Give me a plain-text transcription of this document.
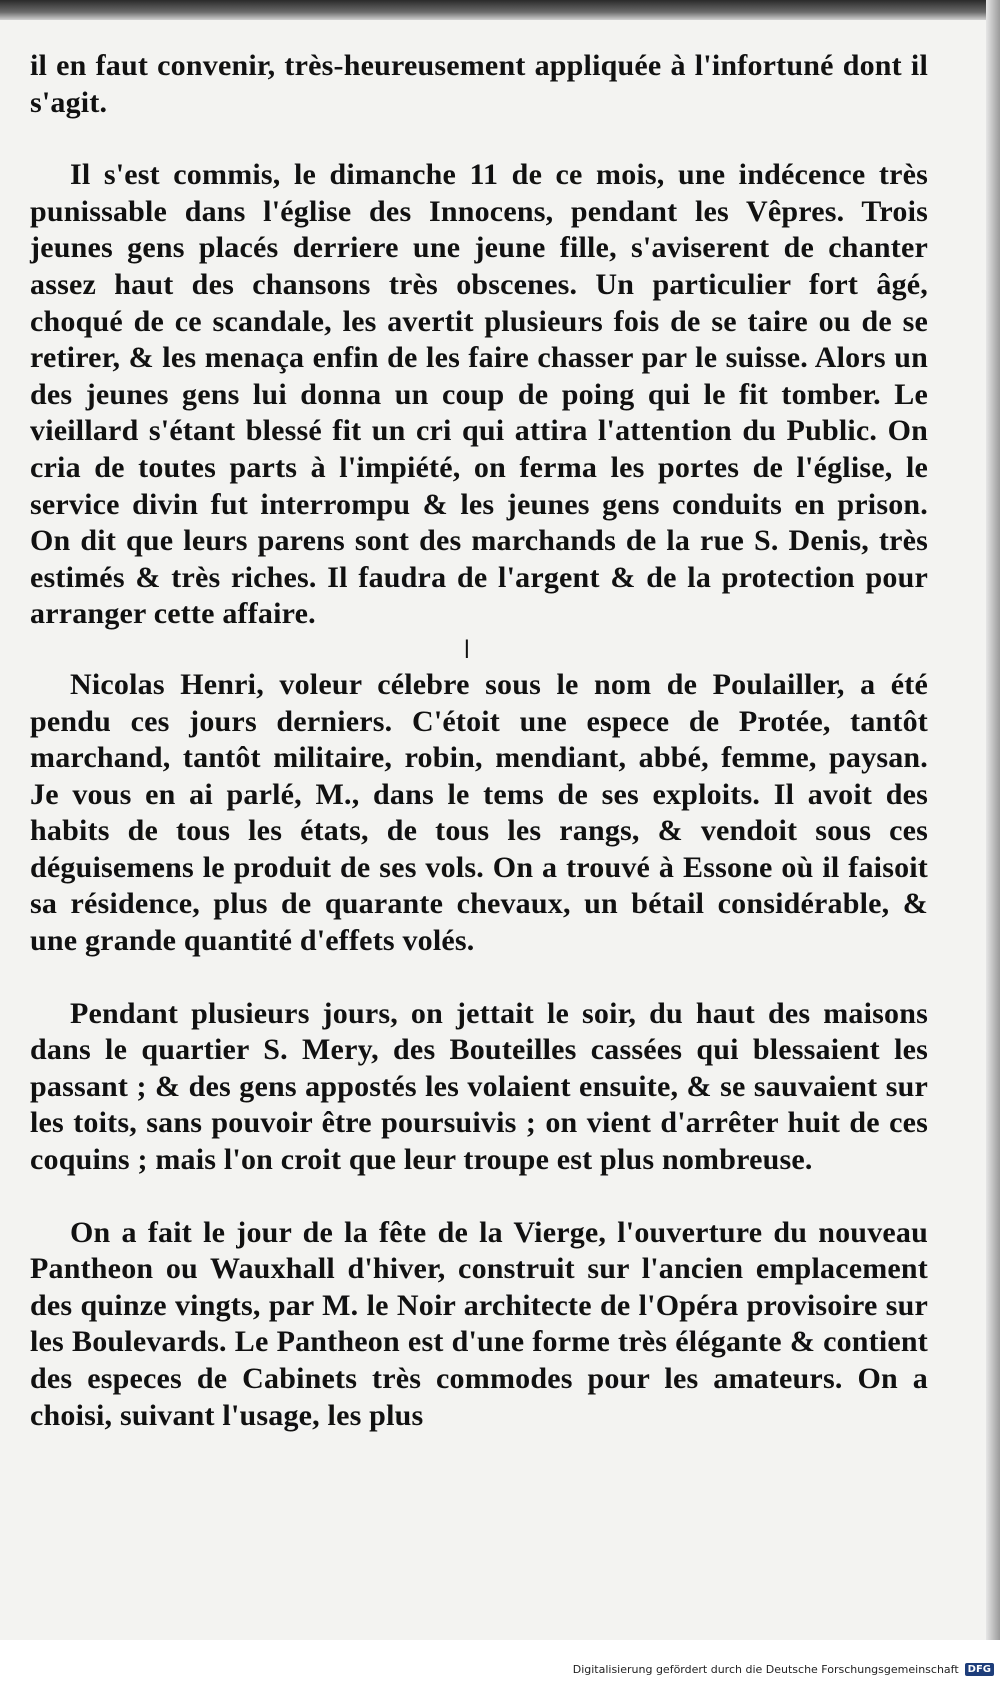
il en faut convenir, très-heureusement appliquée à l'infortuné dont il s'agit.

Il s'est commis, le dimanche 11 de ce mois, une indécence très punissable dans l'église des Innocens, pendant les Vêpres. Trois jeunes gens placés derriere une jeune fille, s'aviserent de chanter assez haut des chansons très obscenes. Un particulier fort âgé, choqué de ce scandale, les avertit plusieurs fois de se taire ou de se retirer, & les menaça enfin de les faire chasser par le suisse. Alors un des jeunes gens lui donna un coup de poing qui le fit tomber. Le vieillard s'étant blessé fit un cri qui attira l'attention du Public. On cria de toutes parts à l'impiété, on ferma les portes de l'église, le service divin fut interrompu & les jeunes gens conduits en prison. On dit que leurs parens sont des marchands de la rue S. Denis, très estimés & très riches. Il faudra de l'argent & de la protection pour arranger cette affaire.

ǀ

Nicolas Henri, voleur célebre sous le nom de Poulailler, a été pendu ces jours derniers. C'étoit une espece de Protée, tantôt marchand, tantôt militaire, robin, mendiant, abbé, femme, paysan. Je vous en ai parlé, M., dans le tems de ses exploits. Il avoit des habits de tous les états, de tous les rangs, & vendoit sous ces déguisemens le produit de ses vols. On a trouvé à Essone où il faisoit sa résidence, plus de quarante chevaux, un bétail considérable, & une grande quantité d'effets volés.

Pendant plusieurs jours, on jettait le soir, du haut des maisons dans le quartier S. Mery, des Bouteilles cassées qui blessaient les passant ; & des gens appostés les volaient ensuite, & se sauvaient sur les toits, sans pouvoir être poursuivis ; on vient d'arrêter huit de ces coquins ; mais l'on croit que leur troupe est plus nombreuse.

On a fait le jour de la fête de la Vierge, l'ouverture du nouveau Pantheon ou Wauxhall d'hiver, construit sur l'ancien emplacement des quinze vingts, par M. le Noir architecte de l'Opéra provisoire sur les Boulevards. Le Pantheon est d'une forme très élégante & contient des especes de Cabinets très commodes pour les amateurs. On a choisi, suivant l'usage, les plus

Digitalisierung gefördert durch die Deutsche Forschungsgemeinschaft DFG
